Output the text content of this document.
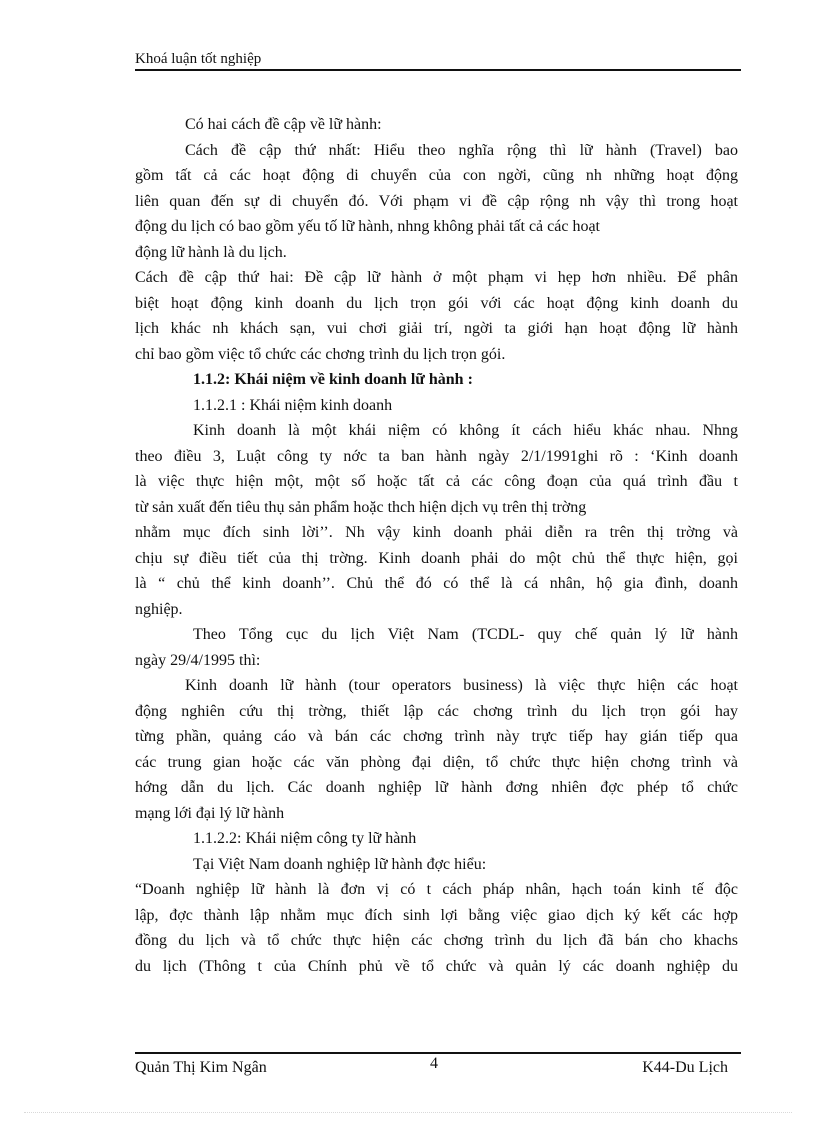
Khoá luận tốt nghiệp
Có hai cách đề cập về lữ hành:
Cách đề cập thứ nhất: Hiểu theo nghĩa rộng thì lữ hành (Travel) bao
gồm tất cả các hoạt động di chuyển của con ngời, cũng nh những hoạt động
liên quan đến sự di chuyển đó. Với phạm vi đề cập rộng nh vậy thì trong hoạt
động du lịch có bao gồm yếu tố lữ hành, nhng không phải tất cả các hoạt
động lữ hành là du lịch.
Cách đề cập thứ hai: Đề cập lữ hành ở một phạm vi hẹp hơn nhiều. Để phân
biệt hoạt động kinh doanh du lịch trọn gói với các hoạt động kinh doanh du
lịch khác nh khách sạn, vui chơi giải trí, ngời ta giới hạn hoạt động lữ hành
chỉ bao gồm việc tổ chức các chơng trình du lịch trọn gói.
1.1.2: Khái niệm về kinh doanh lữ hành :
1.1.2.1 : Khái niệm kinh doanh
Kinh doanh là một khái niệm có không ít cách hiểu khác nhau. Nhng
theo điều 3, Luật công ty nớc ta ban hành ngày 2/1/1991ghi rõ : ‘Kinh doanh
là việc thực hiện một, một số hoặc tất cả các công đoạn của quá trình đầu t
từ sản xuất đến tiêu thụ sản phẩm hoặc thch hiện dịch vụ trên thị trờng
nhằm mục đích sinh lời’’. Nh vậy kinh doanh phải diễn ra trên thị trờng và
chịu sự điều tiết của thị trờng. Kinh doanh phải do một chủ thể thực hiện, gọi
là “ chủ thể kinh doanh’’. Chủ thể đó có thể là cá nhân, hộ gia đình, doanh
nghiệp.
Theo Tổng cục du lịch Việt Nam (TCDL- quy chế quản lý lữ hành
ngày 29/4/1995 thì:
Kinh doanh lữ hành (tour operators business) là việc thực hiện các hoạt
động nghiên cứu thị trờng, thiết lập các chơng trình du lịch trọn gói hay
từng phần, quảng cáo và bán các chơng trình này trực tiếp hay gián tiếp qua
các trung gian hoặc các văn phòng đại diện, tổ chức thực hiện chơng trình và
hớng dẫn du lịch. Các doanh nghiệp lữ hành đơng nhiên đợc phép tổ chức
mạng lới đại lý lữ hành
1.1.2.2: Khái niệm công ty lữ hành
Tại Việt Nam doanh nghiệp lữ hành đợc hiểu:
“Doanh nghiệp lữ hành là đơn vị có t cách pháp nhân, hạch toán kinh tế độc
lập, đợc thành lập nhằm mục đích sinh lợi bằng việc giao dịch ký kết các hợp
đồng du lịch và tổ chức thực hiện các chơng trình du lịch đã bán cho khachs
du lịch (Thông t của Chính phủ về tổ chức và quản lý các doanh nghiệp du
Quản Thị Kim Ngân	4	K44-Du Lịch
